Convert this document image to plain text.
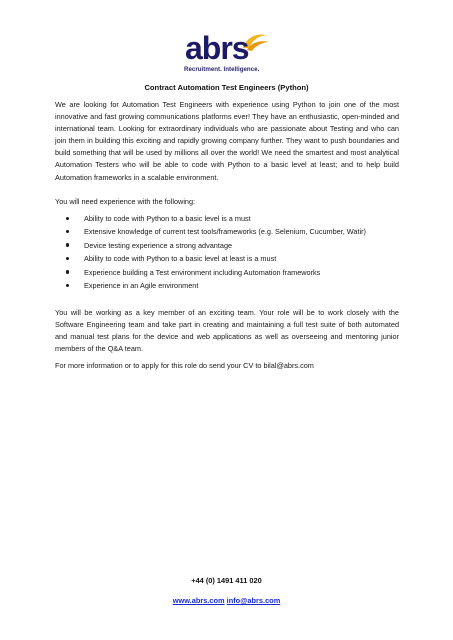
abrs
Recruitment. Intelligence.
Contract Automation Test Engineers (Python)

We are looking for Automation Test Engineers with experience using Python to join one of the most innovative and fast growing communications platforms ever! They have an enthusiastic, open-minded and international team. Looking for extraordinary individuals who are passionate about Testing and who can join them in building this exciting and rapidly growing company further. They want to push boundaries and build something that will be used by millions all over the world! We need the smartest and most analytical Automation Testers who will be able to code with Python to a basic level at least; and to help build Automation frameworks in a scalable environment.

You will need experience with the following:

Ability to code with Python to a basic level is a must
Extensive knowledge of current test tools/frameworks (e.g. Selenium, Cucumber, Watir)
Device testing experience a strong advantage
Ability to code with Python to a basic level at least is a must
Experience building a Test environment including Automation frameworks
Experience in an Agile environment

You will be working as a key member of an exciting team. Your role will be to work closely with the Software Engineering team and take part in creating and maintaining a full test suite of both automated and manual test plans for the device and web applications as well as overseeing and mentoring junior members of the Q&A team.

For more information or to apply for this role do send your CV to bilal@abrs.com

+44 (0) 1491 411 020
www.abrs.com info@abrs.com
